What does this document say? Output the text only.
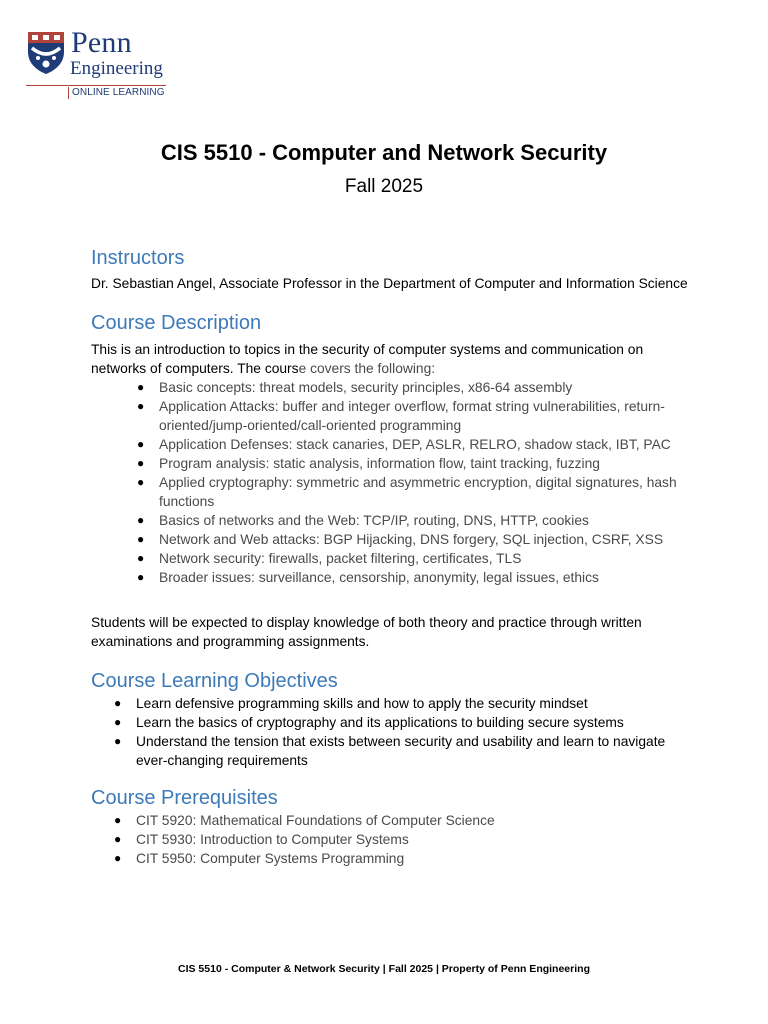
Penn
Engineering
ONLINE LEARNING
CIS 5510 - Computer and Network Security
Fall 2025
Instructors

Dr. Sebastian Angel, Associate Professor in the Department of Computer and Information Science

Course Description

This is an introduction to topics in the security of computer systems and communication on networks of computers. The course covers the following:

● Basic concepts: threat models, security principles, x86-64 assembly
● Application Attacks: buffer and integer overflow, format string vulnerabilities, return-oriented/jump-oriented/call-oriented programming
● Application Defenses: stack canaries, DEP, ASLR, RELRO, shadow stack, IBT, PAC
● Program analysis: static analysis, information flow, taint tracking, fuzzing
● Applied cryptography: symmetric and asymmetric encryption, digital signatures, hash functions
● Basics of networks and the Web: TCP/IP, routing, DNS, HTTP, cookies
● Network and Web attacks: BGP Hijacking, DNS forgery, SQL injection, CSRF, XSS
● Network security: firewalls, packet filtering, certificates, TLS
● Broader issues: surveillance, censorship, anonymity, legal issues, ethics

Students will be expected to display knowledge of both theory and practice through written examinations and programming assignments.

Course Learning Objectives
● Learn defensive programming skills and how to apply the security mindset
● Learn the basics of cryptography and its applications to building secure systems
● Understand the tension that exists between security and usability and learn to navigate ever-changing requirements
Course Prerequisites
● CIT 5920: Mathematical Foundations of Computer Science
● CIT 5930: Introduction to Computer Systems
● CIT 5950: Computer Systems Programming
CIS 5510 - Computer & Network Security | Fall 2025 | Property of Penn Engineering
